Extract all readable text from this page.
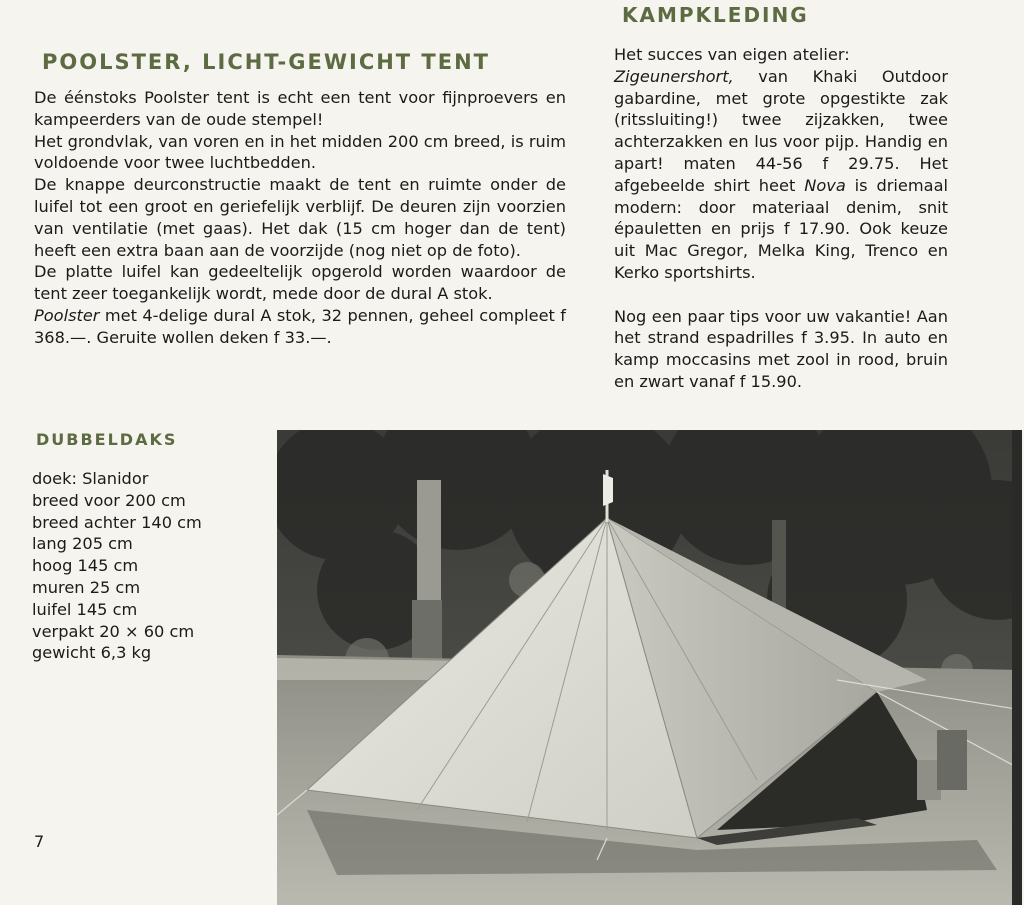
POOLSTER, LICHT-GEWICHT TENT

De éénstoks Poolster tent is echt een tent voor fijnproevers en kampeerders van de oude stempel!

Het grondvlak, van voren en in het midden 200 cm breed, is ruim voldoende voor twee luchtbedden.

De knappe deurconstructie maakt de tent en ruimte onder de luifel tot een groot en geriefelijk verblijf. De deuren zijn voorzien van ventilatie (met gaas). Het dak (15 cm hoger dan de tent) heeft een extra baan aan de voorzijde (nog niet op de foto).

De platte luifel kan gedeeltelijk opgerold worden waardoor de tent zeer toegankelijk wordt, mede door de dural A stok.

Poolster met 4-delige dural A stok, 32 pennen, geheel compleet f 368.—. Geruite wollen deken f 33.—.

KAMPKLEDING

Het succes van eigen atelier:

Zigeunershort, van Khaki Outdoor gabardine, met grote opgestikte zak (ritssluiting!) twee zijzakken, twee achterzakken en lus voor pijp. Handig en apart! maten 44-56 f 29.75. Het afgebeelde shirt heet Nova is driemaal modern: door materiaal denim, snit épauletten en prijs f 17.90. Ook keuze uit Mac Gregor, Melka King, Trenco en Kerko sportshirts.

Nog een paar tips voor uw vakantie! Aan het strand espadrilles f 3.95. In auto en kamp moccasins met zool in rood, bruin en zwart vanaf f 15.90.

DUBBELDAKS
doek: Slanidor
breed voor 200 cm
breed achter 140 cm
lang 205 cm
hoog 145 cm
muren 25 cm
luifel 145 cm
verpakt 20 × 60 cm
gewicht 6,3 kg
7
